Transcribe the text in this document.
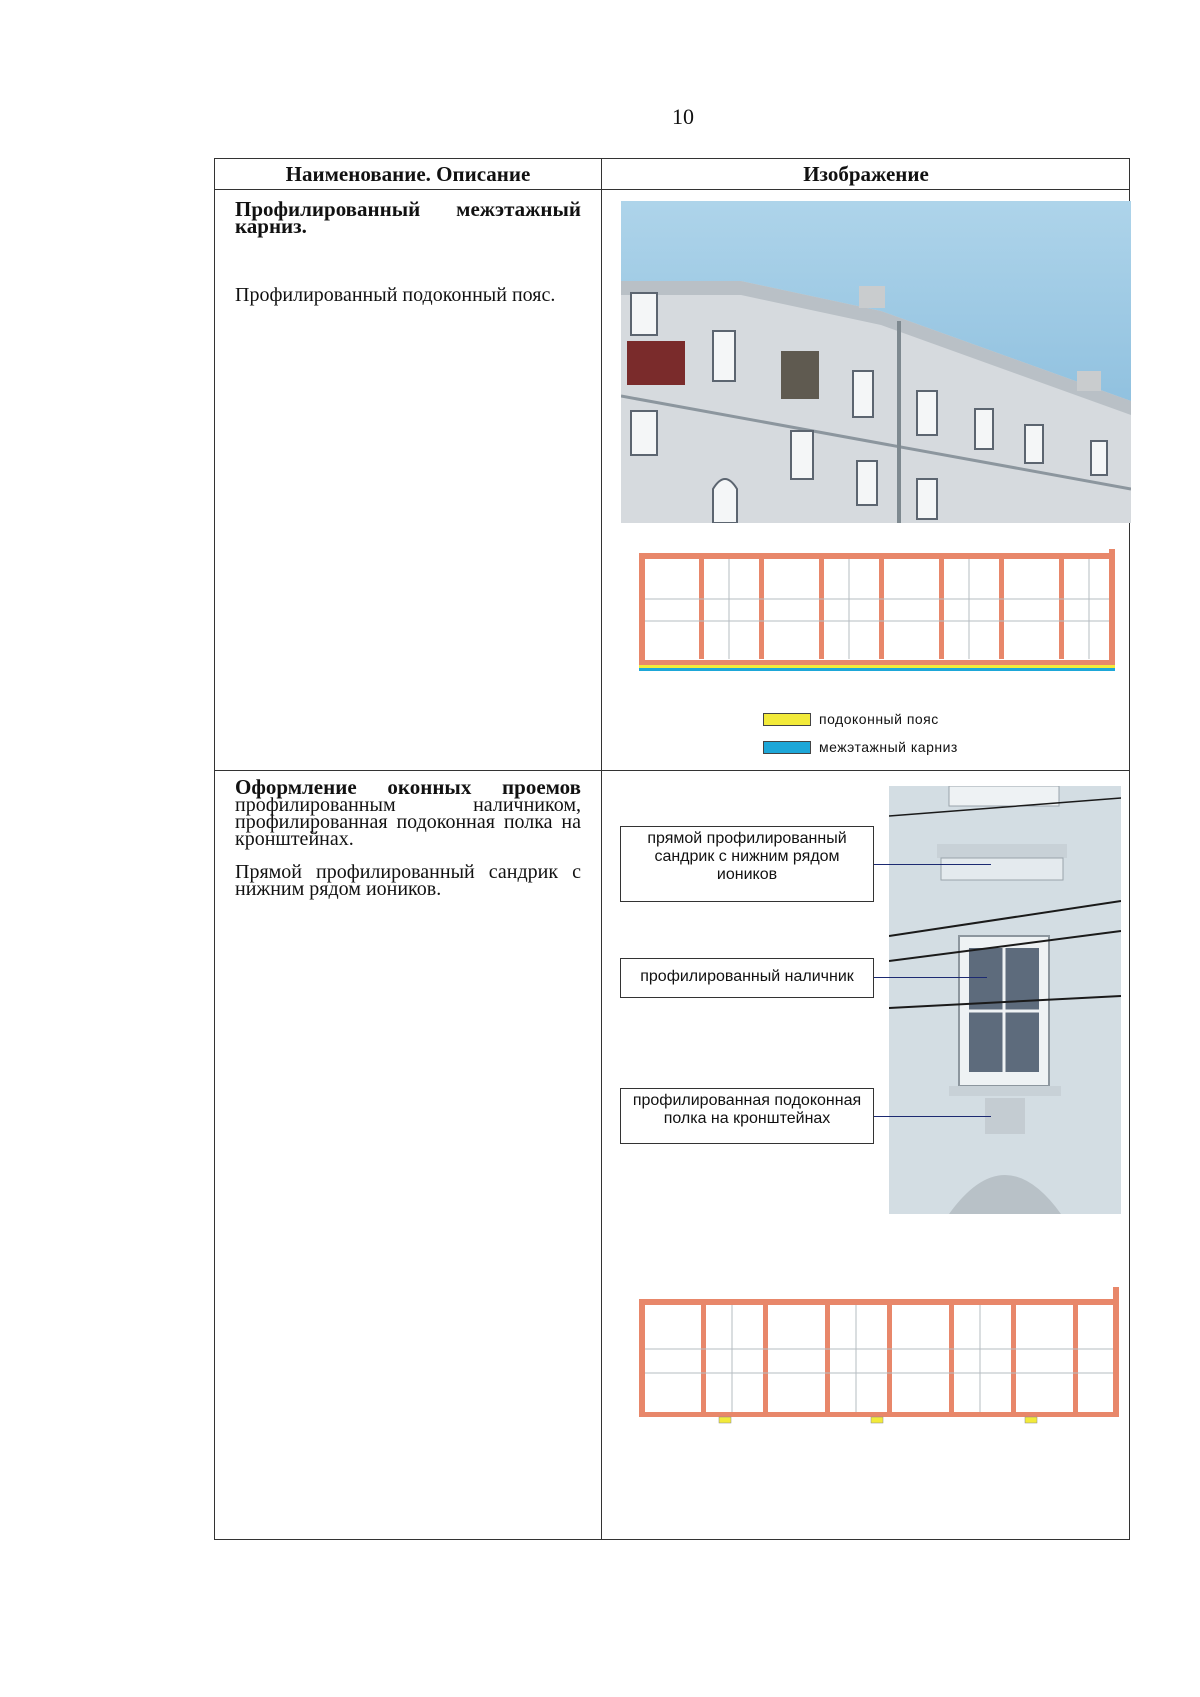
10
Наименование. Описание	Изображение
Профилированный межэтажный карниз.
Профилированный подоконный пояс.
подоконный пояс
межэтажный карниз
Оформление оконных проемов профилированным наличником, профилированная подоконная полка на кронштейнах.
Прямой профилированный сандрик с нижним рядом иоников.
прямой профилированный сандрик с нижним рядом иоников
профилированный наличник
профилированная подоконная полка на кронштейнах
